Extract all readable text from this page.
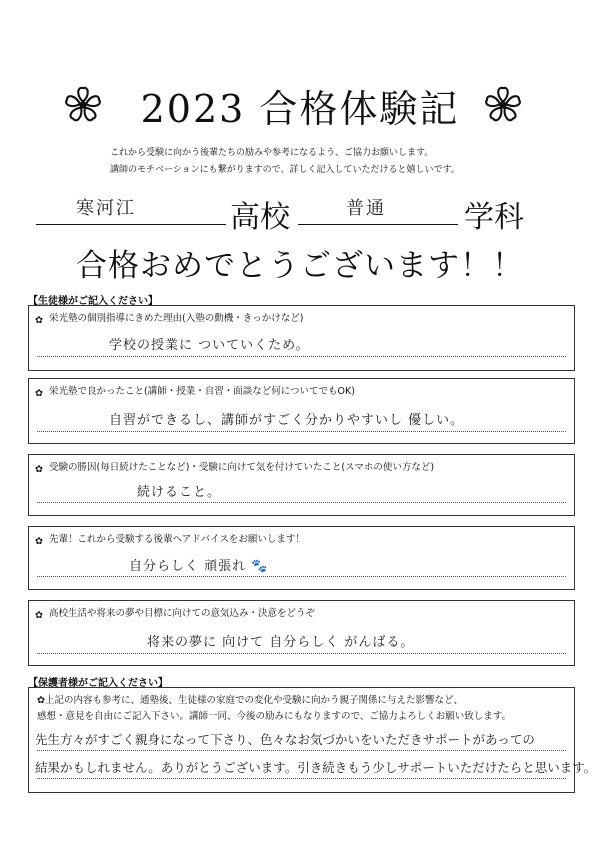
2023 合格体験記
これから受験に向かう後輩たちの励みや参考になるよう、ご協力お願いします。
講師のモチベーションにも繋がりますので、詳しく記入していただけると嬉しいです。
寒河江	高校	普通	学科
合格おめでとうございます！！
【生徒様がご記入ください】
✿ 栄光塾の個別指導にきめた理由(入塾の動機・きっかけなど)
学校の授業に ついていくため。
✿ 栄光塾で良かったこと(講師・授業・自習・面談など何についてでもOK)
自習ができるし、講師がすごく分かりやすいし 優しい。
✿ 受験の勝因(毎日続けたことなど)・受験に向けて気を付けていたこと(スマホの使い方など)
続けること。
✿ 先輩！これから受験する後輩へアドバイスをお願いします！
自分らしく 頑張れ 🐾
✿ 高校生活や将来の夢や目標に向けての意気込み・決意をどうぞ
将来の夢に 向けて 自分らしく がんばる。
【保護者様がご記入ください】
✿上記の内容も参考に、通塾後、生徒様の家庭での変化や受験に向かう親子関係に与えた影響など、
感想・意見を自由にご記入下さい。講師一同、今後の励みにもなりますので、ご協力よろしくお願い致します。
先生方々がすごく親身になって下さり、色々なお気づかいをいただきサポートがあっての
結果かもしれません。ありがとうございます。引き続きもう少しサポートいただけたらと思います。
